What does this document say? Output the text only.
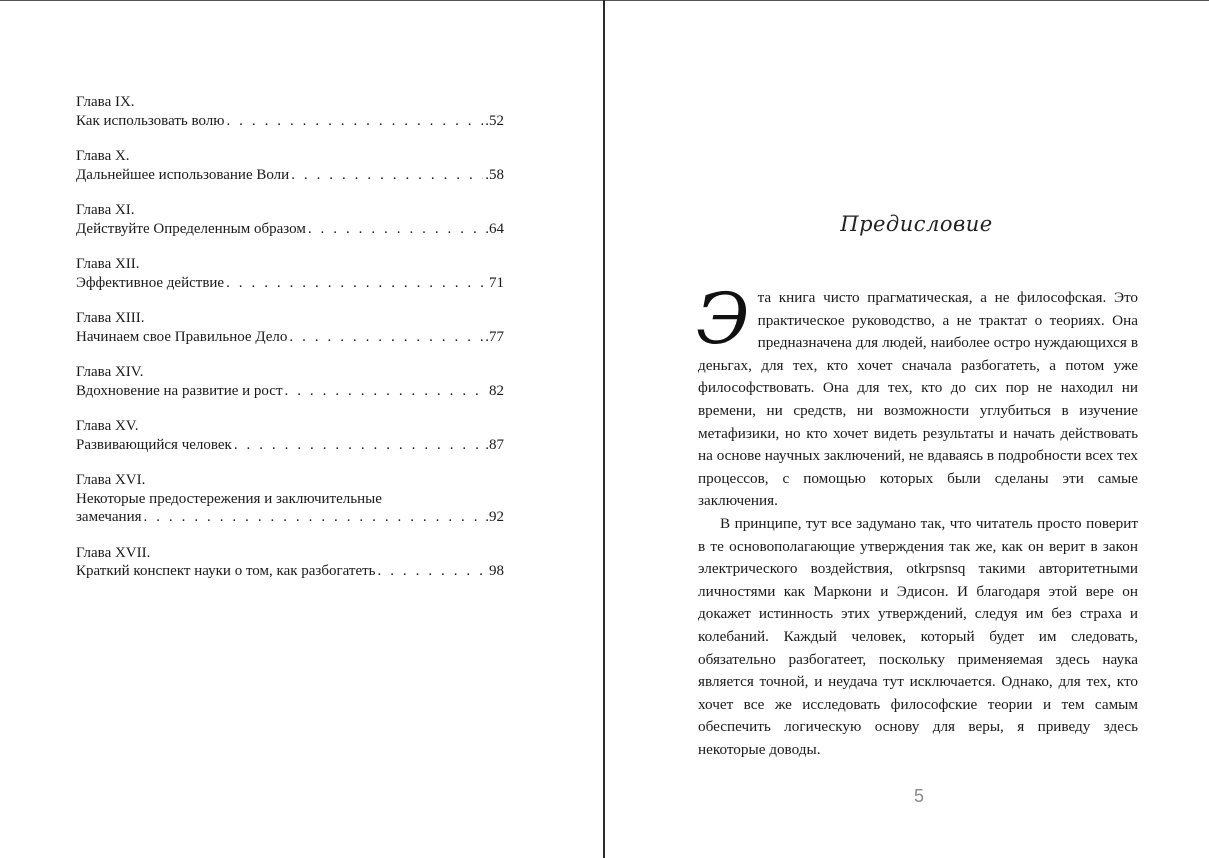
Глава IX.
Как использовать волю . . .	.52
Глава X.
Дальнейшее использование Воли . . .	.58
Глава XI.
Действуйте Определенным образом . . .	.64
Глава XII.
Эффективное действие . . .	71
Глава XIII.
Начинаем свое Правильное Дело . . .	.77
Глава XIV.
Вдохновение на развитие и рост . . .	82
Глава XV.
Развивающийся человек . . .	.87
Глава XVI.
Некоторые предостережения и заключительные
замечания . . .	.92
Глава XVII.
Краткий конспект науки о том, как разбогатеть . . .	98
Предисловие

Эта книга чисто прагматическая, а не философская. Это практическое руководство, а не трактат о теориях. Она предназначена для людей, наиболее остро нуждающихся в деньгах, для тех, кто хочет сначала разбогатеть, а потом уже философствовать. Она для тех, кто до сих пор не находил ни времени, ни средств, ни возможности углубиться в изучение метафизики, но кто хочет видеть результаты и начать действовать на основе научных заключений, не вдаваясь в подробности всех тех процессов, с помощью которых были сделаны эти самые заключения.

В принципе, тут все задумано так, что читатель просто поверит в те основополагающие утверждения так же, как он верит в закон электрического воздействия, otkrpsnsq такими авторитетными личностями как Маркони и Эдисон. И благодаря этой вере он докажет истинность этих утверждений, следуя им без страха и колебаний. Каждый человек, который будет им следовать, обязательно разбогатеет, поскольку применяемая здесь наука является точной, и неудача тут исключается. Однако, для тех, кто хочет все же исследовать философские теории и тем самым обеспечить логическую основу для веры, я приведу здесь некоторые доводы.

5
